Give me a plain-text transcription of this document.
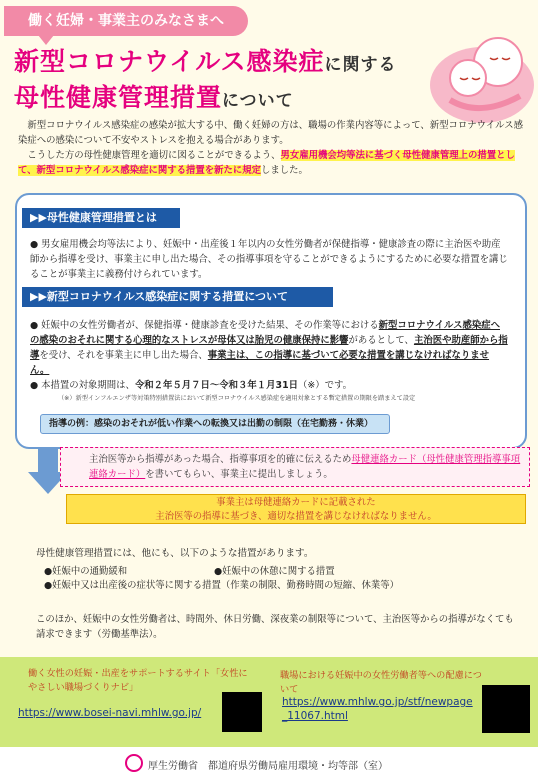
働く妊婦・事業主のみなさまへ
新型コロナウイルス感染症に関する
母性健康管理措置について
新型コロナウイルス感染症の感染が拡大する中、働く妊婦の方は、職場の作業内容等によって、新型コロナウイルス感染症への感染について不安やストレスを抱える場合があります。
こうした方の母性健康管理を適切に図ることができるよう、男女雇用機会均等法に基づく母性健康管理上の措置として、新型コロナウイルス感染症に関する措置を新たに規定しました。
▶▶母性健康管理措置とは
● 男女雇用機会均等法により、妊娠中・出産後１年以内の女性労働者が保健指導・健康診査の際に主治医や助産師から指導を受け、事業主に申し出た場合、その指導事項を守ることができるようにするために必要な措置を講じることが事業主に義務付けられています。
▶▶新型コロナウイルス感染症に関する措置について
● 妊娠中の女性労働者が、保健指導・健康診査を受けた結果、その作業等における新型コロナウイルス感染症への感染のおそれに関する心理的なストレスが母体又は胎児の健康保持に影響があるとして、主治医や助産師から指導を受け、それを事業主に申し出た場合、事業主は、この指導に基づいて必要な措置を講じなければなりません。
● 本措置の対象期間は、令和２年５月７日〜令和３年１月31日（※）です。
（※）新型インフルエンザ等対策特別措置法において新型コロナウイルス感染症を適用対象とする暫定措置の期限を踏まえて設定
指導の例：感染のおそれが低い作業への転換又は出勤の制限（在宅勤務・休業）
主治医等から指導があった場合、指導事項を的確に伝えるため母健連絡カード（母性健康管理指導事項連絡カード）を書いてもらい、事業主に提出しましょう。
事業主は母健連絡カードに記載された
主治医等の指導に基づき、適切な措置を講じなければなりません。
母性健康管理措置には、他にも、以下のような措置があります。
●妊娠中の通勤緩和	●妊娠中の休憩に関する措置
●妊娠中又は出産後の症状等に関する措置（作業の制限、勤務時間の短縮、休業等）
このほか、妊娠中の女性労働者は、時間外、休日労働、深夜業の制限等について、主治医等からの指導がなくても請求できます（労働基準法）。
働く女性の妊娠・出産をサポートするサイト「女性にやさしい職場づくりナビ」
https://www.bosei-navi.mhlw.go.jp/
職場における妊娠中の女性労働者等への配慮について
https://www.mhlw.go.jp/stf/newpage_11067.html
厚生労働省　都道府県労働局雇用環境・均等部（室）
